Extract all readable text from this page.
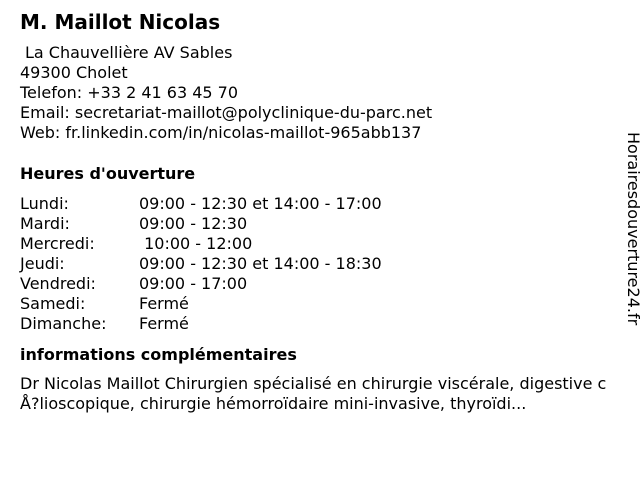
M. Maillot Nicolas
La Chauvellière AV Sables
49300 Cholet
Telefon: +33 2 41 63 45 70
Email: secretariat-maillot@polyclinique-du-parc.net
Web: fr.linkedin.com/in/nicolas-maillot-965abb137
Heures d'ouverture
Lundi:	09:00 - 12:30 et 14:00 - 17:00
Mardi:	09:00 - 12:30
Mercredi:	10:00 - 12:00
Jeudi:	09:00 - 12:30 et 14:00 - 18:30
Vendredi:	09:00 - 17:00
Samedi:	Fermé
Dimanche:	Fermé
informations complémentaires
Dr Nicolas Maillot Chirurgien spécialisé en chirurgie viscérale, digestive cÅ?lioscopique, chirurgie hémorroïdaire mini-invasive, thyroïdi...
Horairesdouverture24.fr
